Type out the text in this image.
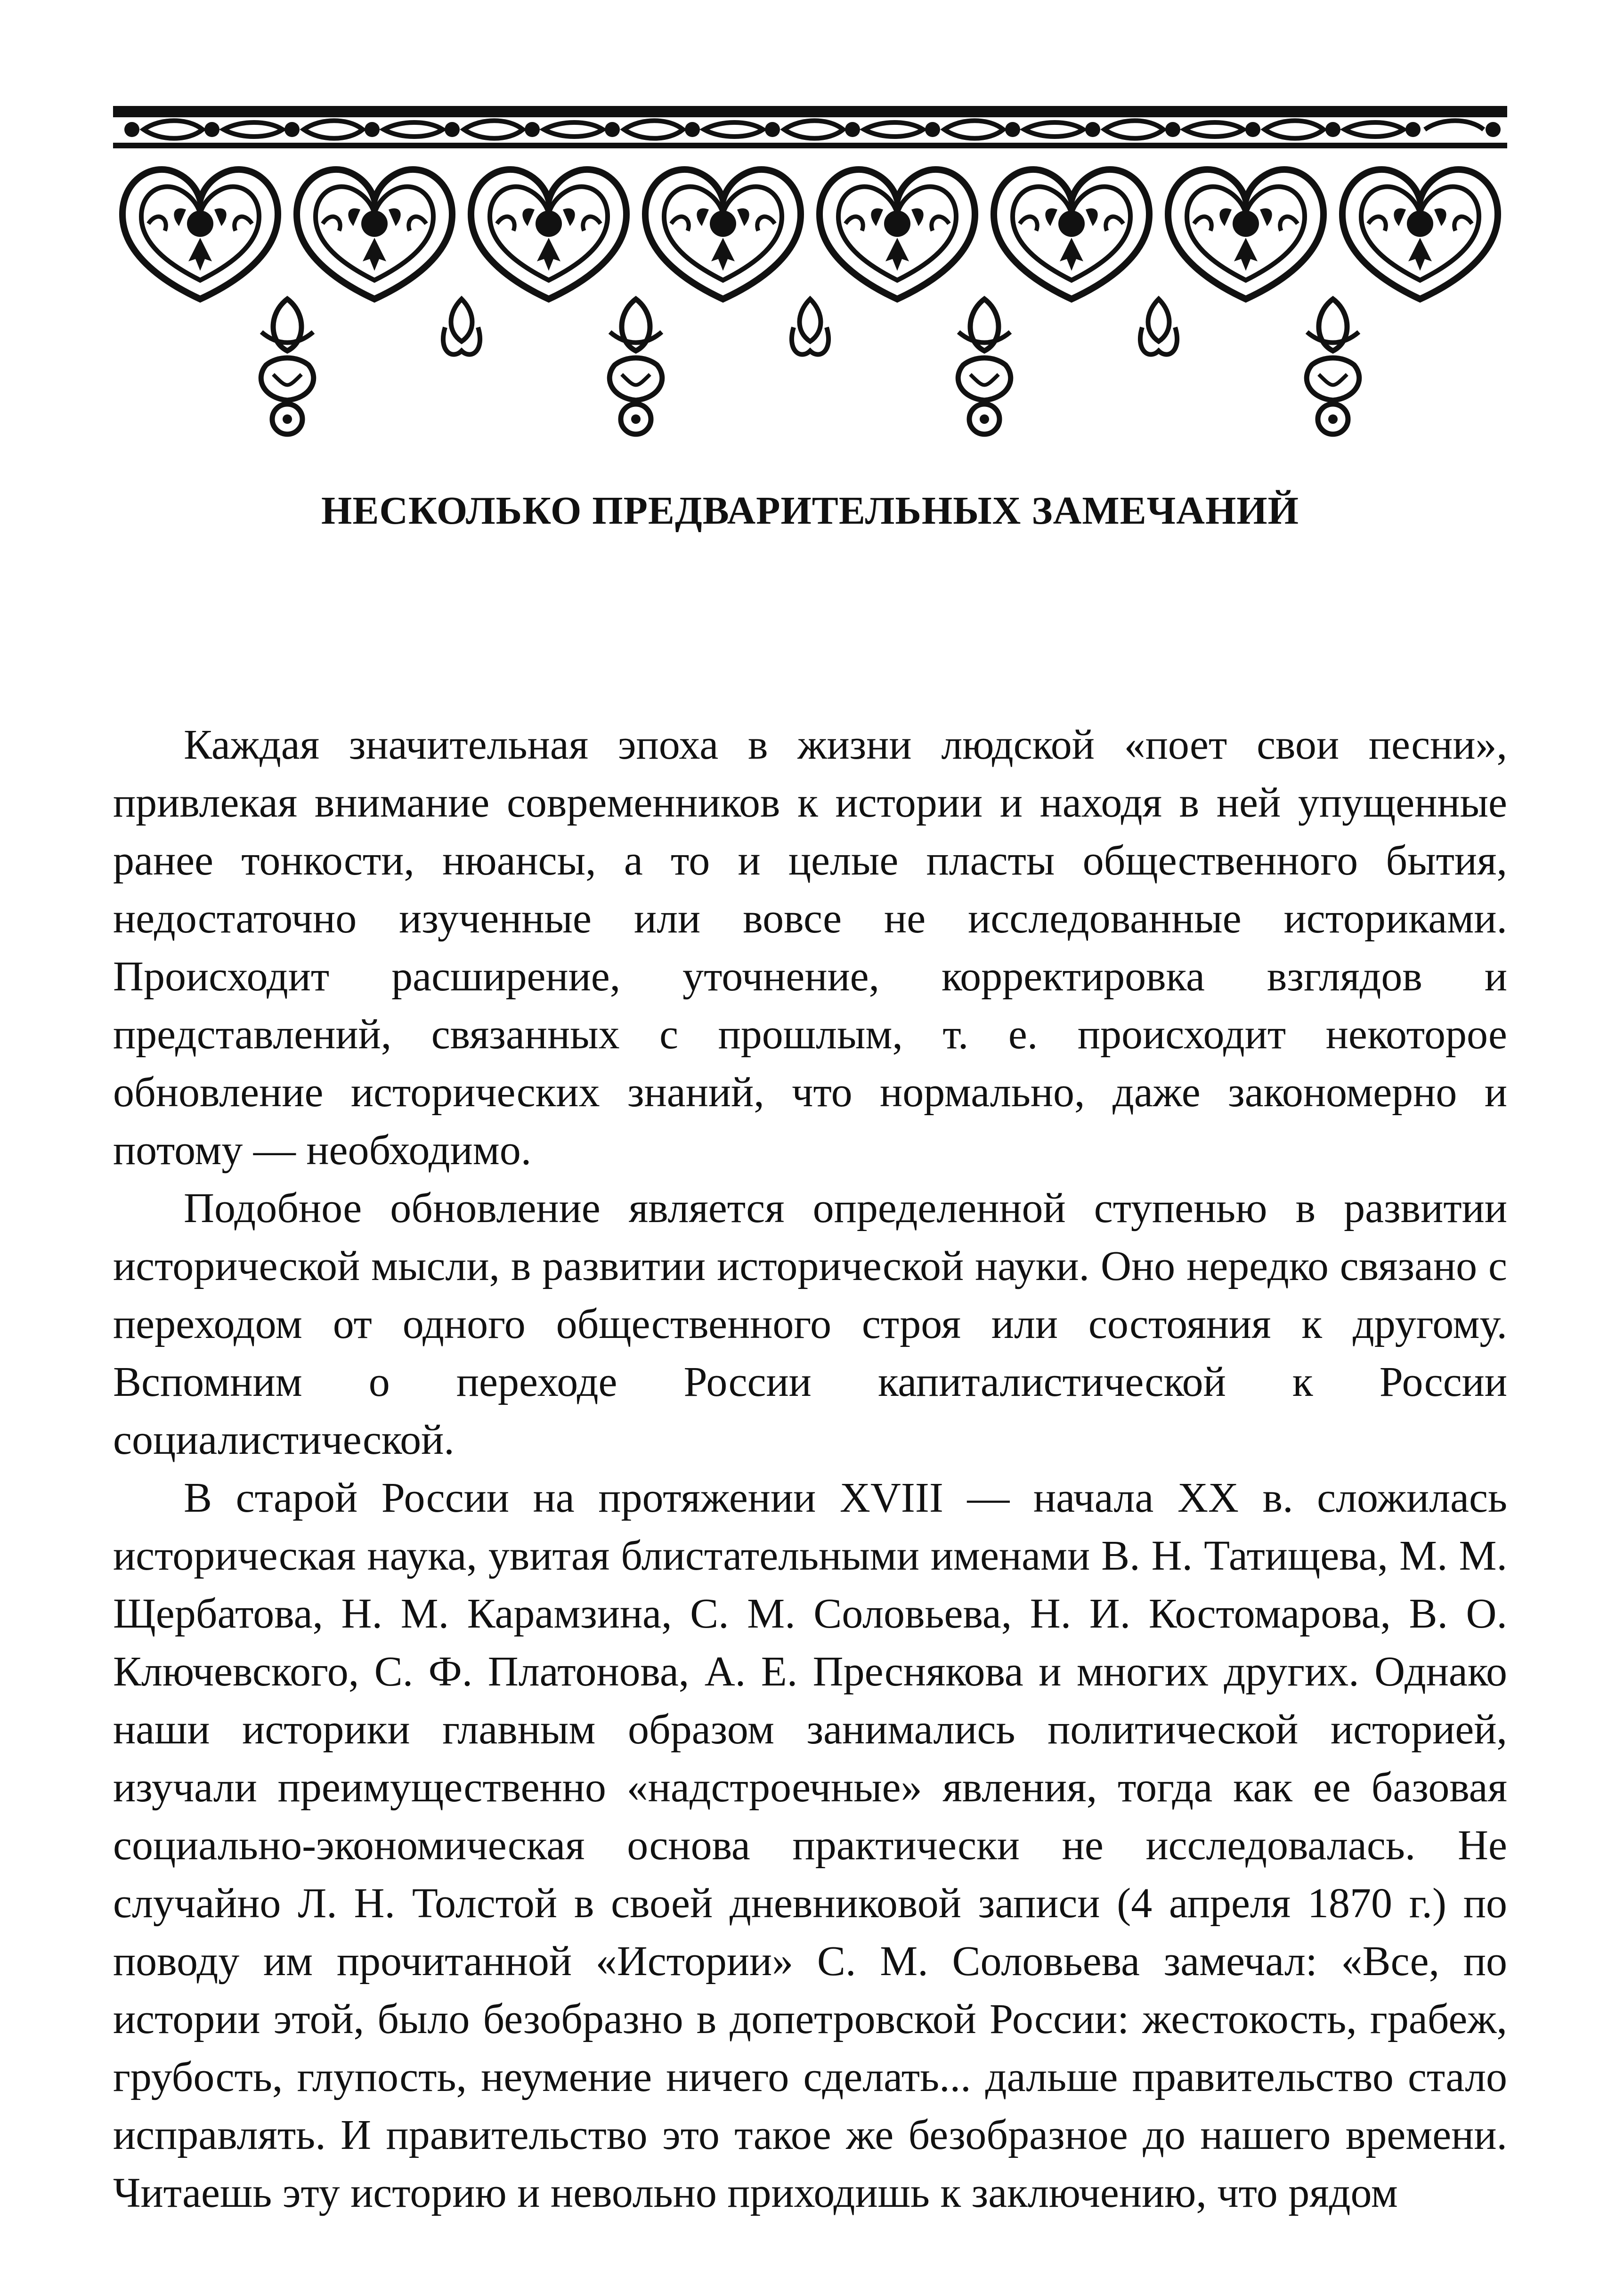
НЕСКОЛЬКО ПРЕДВАРИТЕЛЬНЫХ ЗАМЕЧАНИЙ

Каждая значительная эпоха в жизни людской «поет свои песни», привлекая внимание современников к истории и находя в ней упущенные ранее тонкости, нюансы, а то и целые пласты общественного бытия, недостаточно изученные или вовсе не исследованные историками. Происходит расширение, уточнение, корректировка взглядов и представлений, связанных с прошлым, т. е. происходит некоторое обновление исторических знаний, что нормально, даже закономерно и потому — необходимо.

Подобное обновление является определенной ступенью в развитии исторической мысли, в развитии исторической науки. Оно нередко связано с переходом от одного общественного строя или состояния к другому. Вспомним о переходе России капиталистической к России социалистической.

В старой России на протяжении XVIII — начала XX в. сложилась историческая наука, увитая блистательными именами В. Н. Татищева, М. М. Щербатова, Н. М. Карамзина, С. М. Соловьева, Н. И. Костомарова, В. О. Ключевского, С. Ф. Платонова, А. Е. Преснякова и многих других. Однако наши историки главным образом занимались политической историей, изучали преимущественно «надстроечные» явления, тогда как ее базовая социально-экономическая основа практически не исследовалась. Не случайно Л. Н. Толстой в своей дневниковой записи (4 апреля 1870 г.) по поводу им прочитанной «Истории» С. М. Соловьева замечал: «Все, по истории этой, было безобразно в допетровской России: жестокость, грабеж, грубость, глупость, неумение ничего сделать... дальше правительство стало исправлять. И правительство это такое же безобразное до нашего времени. Читаешь эту историю и невольно приходишь к заключению, что рядом
